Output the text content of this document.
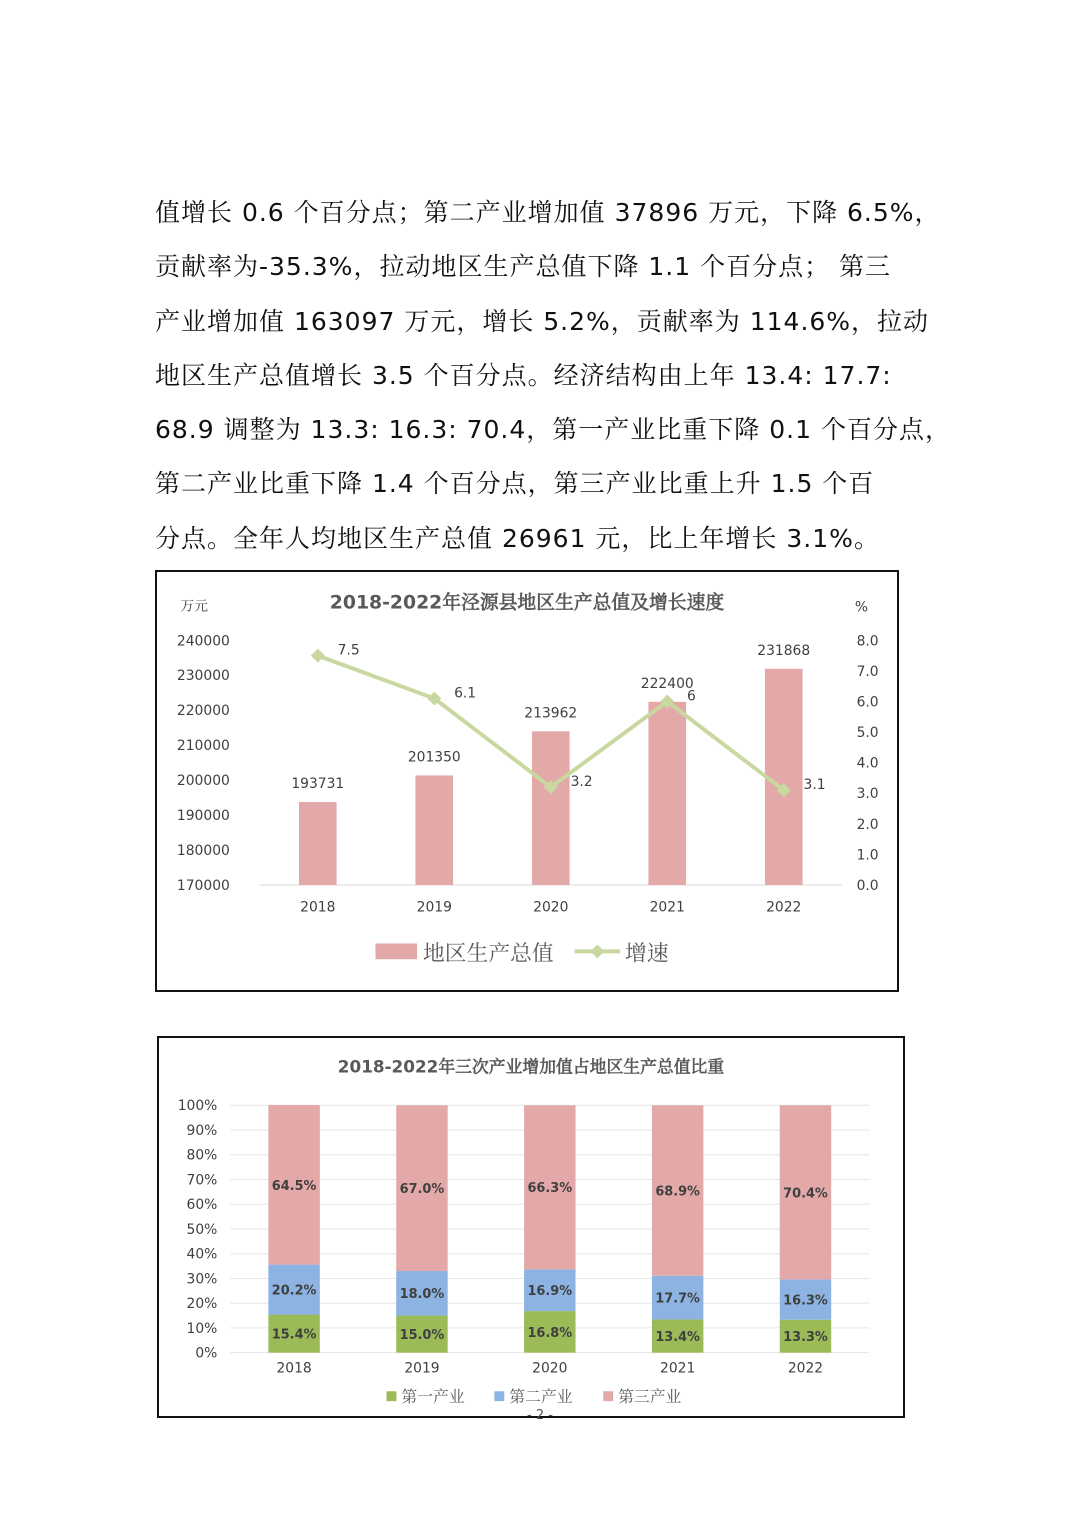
值增长 0.6 个百分点；第二产业增加值 37896 万元，下降 6.5%，

贡献率为-35.3%，拉动地区生产总值下降 1.1 个百分点； 第三

产业增加值 163097 万元，增长 5.2%，贡献率为 114.6%，拉动

地区生产总值增长 3.5 个百分点。经济结构由上年 13.4: 17.7:

68.9 调整为 13.3: 16.3: 70.4，第一产业比重下降 0.1 个百分点，

第二产业比重下降 1.4 个百分点，第三产业比重上升 1.5 个百

分点。全年人均地区生产总值 26961 元，比上年增长 3.1%。

2018-2022年泾源县地区生产总值及增长速度
万元	%
240000
230000
220000
210000
200000
190000
180000
170000
8.0
7.0
6.0
5.0
4.0
3.0
2.0
1.0
0.0
2018	2019	2020	2021	2022
193731
201350
213962
222400
231868
7.5
6.1
3.2
6
3.1
地区生产总值	增速
2018-2022年三次产业增加值占地区生产总值比重
100%
90%
80%
70%
60%
50%
40%
30%
20%
10%
0%
15.4%
20.2%
64.5%
2018
15.0%
18.0%
67.0%
2019
16.8%
16.9%
66.3%
2020
13.4%
17.7%
68.9%
2021
13.3%
16.3%
70.4%
2022
第一产业	第二产业	第三产业
- 2 -
